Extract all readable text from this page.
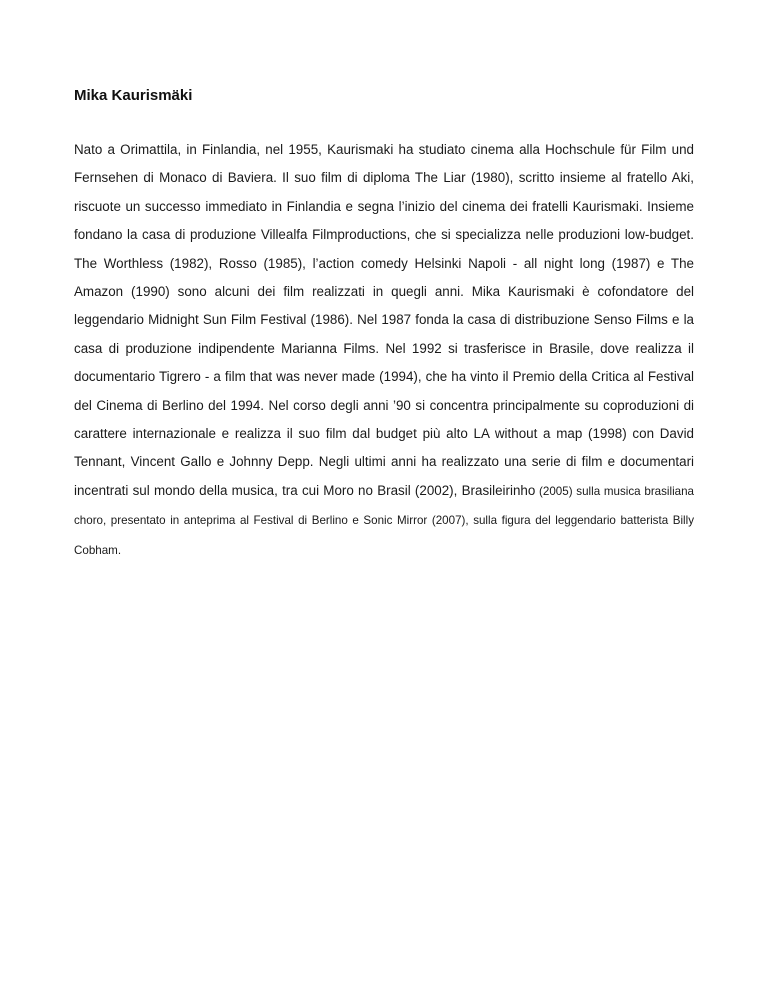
Mika Kaurismäki

Nato a Orimattila, in Finlandia, nel 1955, Kaurismaki ha studiato cinema alla Hochschule für Film und Fernsehen di Monaco di Baviera. Il suo film di diploma The Liar (1980), scritto insieme al fratello Aki, riscuote un successo immediato in Finlandia e segna l’inizio del cinema dei fratelli Kaurismaki. Insieme fondano la casa di produzione Villealfa Filmproductions, che si specializza nelle produzioni low-budget. The Worthless (1982), Rosso (1985), l’action comedy Helsinki Napoli - all night long (1987) e The Amazon (1990) sono alcuni dei film realizzati in quegli anni. Mika Kaurismaki è cofondatore del leggendario Midnight Sun Film Festival (1986). Nel 1987 fonda la casa di distribuzione Senso Films e la casa di produzione indipendente Marianna Films. Nel 1992 si trasferisce in Brasile, dove realizza il documentario Tigrero - a film that was never made (1994), che ha vinto il Premio della Critica al Festival del Cinema di Berlino del 1994. Nel corso degli anni ’90 si concentra principalmente su coproduzioni di carattere internazionale e realizza il suo film dal budget più alto LA without a map (1998) con David Tennant, Vincent Gallo e Johnny Depp. Negli ultimi anni ha realizzato una serie di film e documentari incentrati sul mondo della musica, tra cui Moro no Brasil (2002), Brasileirinho (2005) sulla musica brasiliana choro, presentato in anteprima al Festival di Berlino e Sonic Mirror (2007), sulla figura del leggendario batterista Billy Cobham.
